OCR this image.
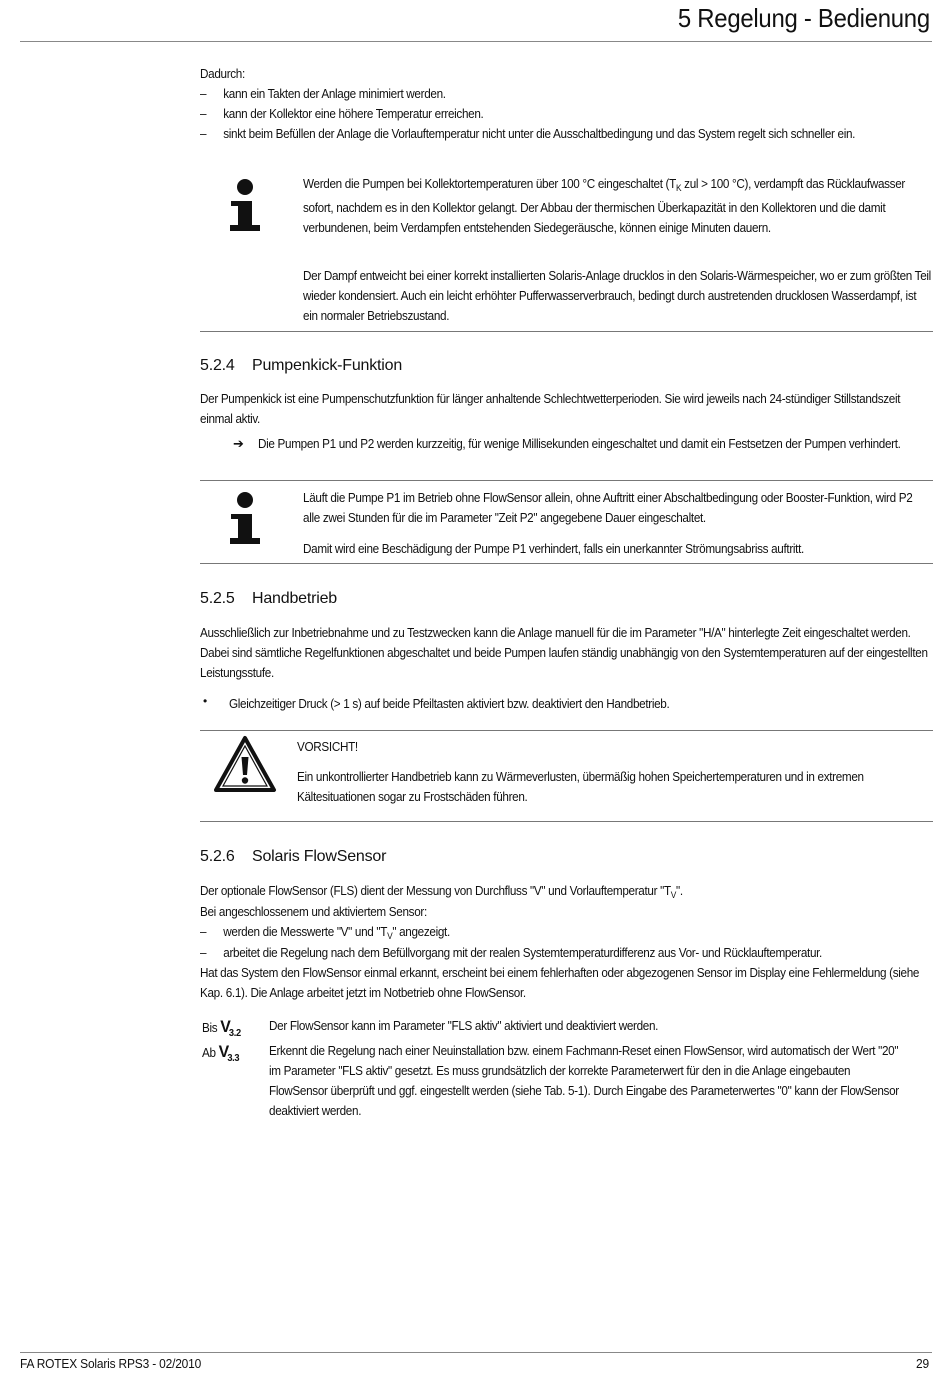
5 Regelung - Bedienung
Dadurch:
– kann ein Takten der Anlage minimiert werden.
– kann der Kollektor eine höhere Temperatur erreichen.
– sinkt beim Befüllen der Anlage die Vorlauftemperatur nicht unter die Ausschaltbedingung und das System regelt sich schneller ein.
Werden die Pumpen bei Kollektortemperaturen über 100 °C eingeschaltet ($T_K$ zul > 100 °C), verdampft das Rücklaufwasser sofort, nachdem es in den Kollektor gelangt. Der Abbau der thermischen Überkapazität in den Kollektoren und die damit verbundenen, beim Verdampfen entstehenden Siedegeräusche, können einige Minuten dauern.
Der Dampf entweicht bei einer korrekt installierten Solaris-Anlage drucklos in den Solaris-Wärmespeicher, wo er zum größten Teil wieder kondensiert. Auch ein leicht erhöhter Pufferwasserverbrauch, bedingt durch austretenden drucklosen Wasserdampf, ist ein normaler Betriebszustand.
5.2.4 Pumpenkick-Funktion
Der Pumpenkick ist eine Pumpenschutzfunktion für länger anhaltende Schlechtwetterperioden. Sie wird jeweils nach 24-stündiger Stillstandszeit einmal aktiv.
➔ Die Pumpen P1 und P2 werden kurzzeitig, für wenige Millisekunden eingeschaltet und damit ein Festsetzen der Pumpen verhindert.
Läuft die Pumpe P1 im Betrieb ohne FlowSensor allein, ohne Auftritt einer Abschaltbedingung oder Booster-Funktion, wird P2 alle zwei Stunden für die im Parameter "Zeit P2" angegebene Dauer eingeschaltet.
Damit wird eine Beschädigung der Pumpe P1 verhindert, falls ein unerkannter Strömungsabriss auftritt.
5.2.5 Handbetrieb
Ausschließlich zur Inbetriebnahme und zu Testzwecken kann die Anlage manuell für die im Parameter "H/A" hinterlegte Zeit eingeschaltet werden. Dabei sind sämtliche Regelfunktionen abgeschaltet und beide Pumpen laufen ständig unabhängig von den Systemtemperaturen auf der eingestellten Leistungsstufe.
• Gleichzeitiger Druck (> 1 s) auf beide Pfeiltasten aktiviert bzw. deaktiviert den Handbetrieb.
VORSICHT!
Ein unkontrollierter Handbetrieb kann zu Wärmeverlusten, übermäßig hohen Speichertemperaturen und in extremen Kältesituationen sogar zu Frostschäden führen.
5.2.6 Solaris FlowSensor
Der optionale FlowSensor (FLS) dient der Messung von Durchfluss "V" und Vorlauftemperatur "$T_V$".
Bei angeschlossenem und aktiviertem Sensor:
– werden die Messwerte "V" und "$T_V$" angezeigt.
– arbeitet die Regelung nach dem Befüllvorgang mit der realen Systemtemperaturdifferenz aus Vor- und Rücklauftemperatur.
Hat das System den FlowSensor einmal erkannt, erscheint bei einem fehlerhaften oder abgezogenen Sensor im Display eine Fehlermeldung (siehe Kap. 6.1). Die Anlage arbeitet jetzt im Notbetrieb ohne FlowSensor.
Bis $V_{3.2}$
Der FlowSensor kann im Parameter "FLS aktiv" aktiviert und deaktiviert werden.
Ab $V_{3.3}$
Erkennt die Regelung nach einer Neuinstallation bzw. einem Fachmann-Reset einen FlowSensor, wird automatisch der Wert "20" im Parameter "FLS aktiv" gesetzt. Es muss grundsätzlich der korrekte Parameterwert für den in die Anlage eingebauten FlowSensor überprüft und ggf. eingestellt werden (siehe Tab. 5-1). Durch Eingabe des Parameterwertes "0" kann der FlowSensor deaktiviert werden.
FA ROTEX Solaris RPS3 - 02/2010	29
